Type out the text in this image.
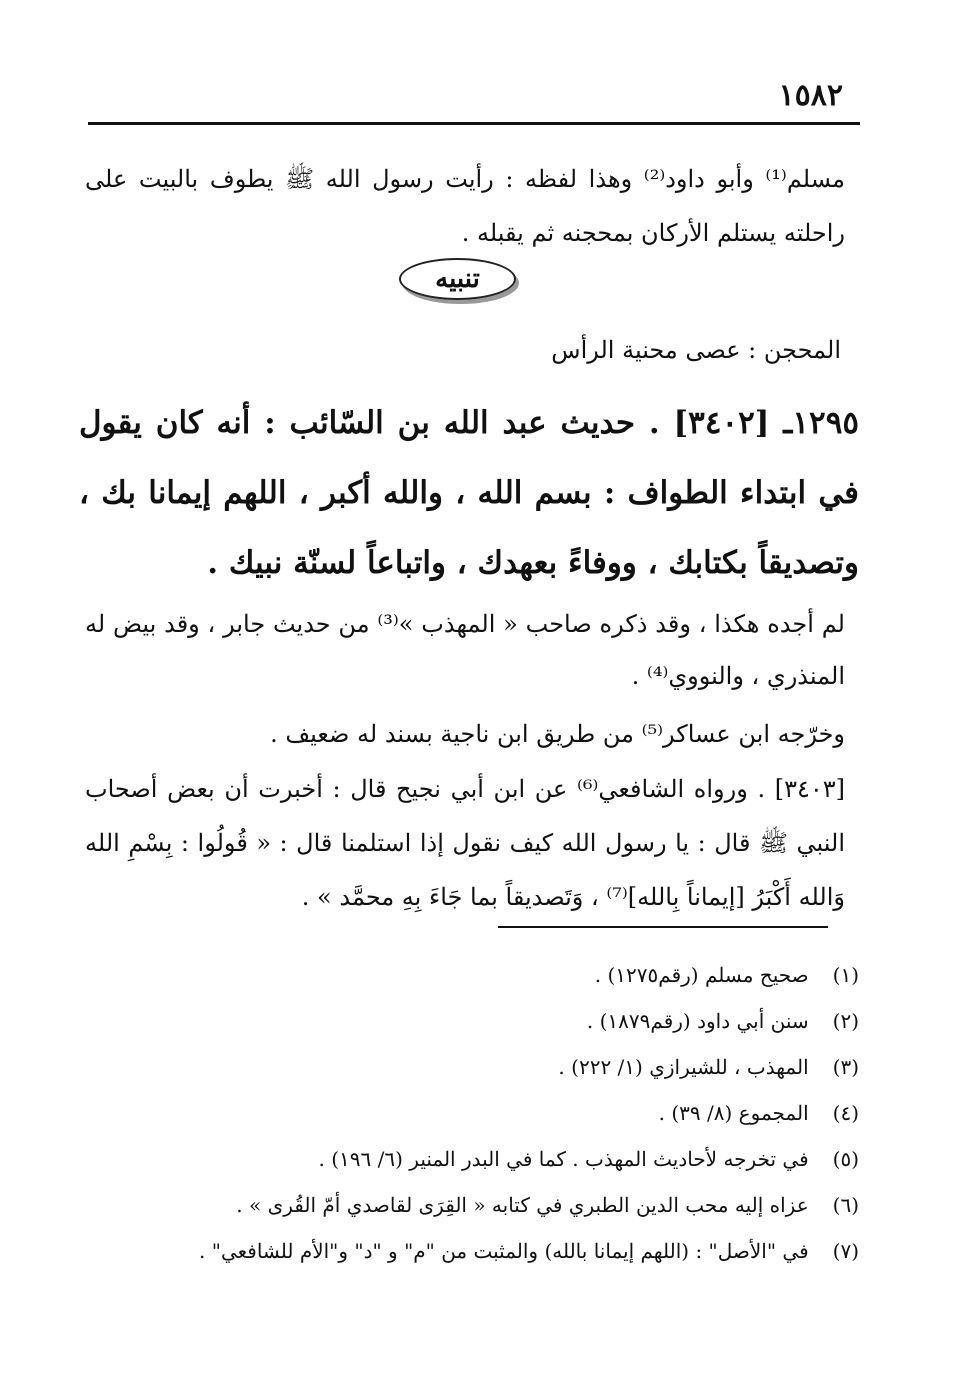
١٥٨٢

مسلم⁽¹⁾ وأبو داود⁽²⁾ وهذا لفظه : رأيت رسول الله ﷺ يطوف بالبيت على راحلته يستلم الأركان بمحجنه ثم يقبله .

تنبيه

المحجن : عصى محنية الرأس

١٢٩٥ـ [٣٤٠٢] . حديث عبد الله بن السّائب : أنه كان يقول في ابتداء الطواف : بسم الله ، والله أكبر ، اللهم إيمانا بك ، وتصديقاً بكتابك ، ووفاءً بعهدك ، واتباعاً لسنّة نبيك .

لم أجده هكذا ، وقد ذكره صاحب « المهذب »⁽³⁾ من حديث جابر ، وقد بيض له المنذري ، والنووي⁽⁴⁾ .

وخرّجه ابن عساكر⁽⁵⁾ من طريق ابن ناجية بسند له ضعيف .

[٣٤٠٣] . ورواه الشافعي⁽⁶⁾ عن ابن أبي نجيح قال : أخبرت أن بعض أصحاب النبي ﷺ قال : يا رسول الله كيف نقول إذا استلمنا قال : « قُولُوا : بِسْمِ الله وَالله أَكْبَرُ [إيماناً بِالله]⁽⁷⁾ ، وَتَصديقاً بما جَاءَ بِهِ محمَّد » .

(١) صحيح مسلم (رقم١٢٧٥) .
(٢) سنن أبي داود (رقم١٨٧٩) .
(٣) المهذب ، للشيرازي (١/ ٢٢٢) .
(٤) المجموع (٨/ ٣٩) .
(٥) في تخرجه لأحاديث المهذب . كما في البدر المنير (٦/ ١٩٦) .
(٦) عزاه إليه محب الدين الطبري في كتابه « القِرَى لقاصدي أمّ القُرى » .
(٧) في "الأصل" : (اللهم إيمانا بالله) والمثبت من "م" و "د" و"الأم للشافعي" .
